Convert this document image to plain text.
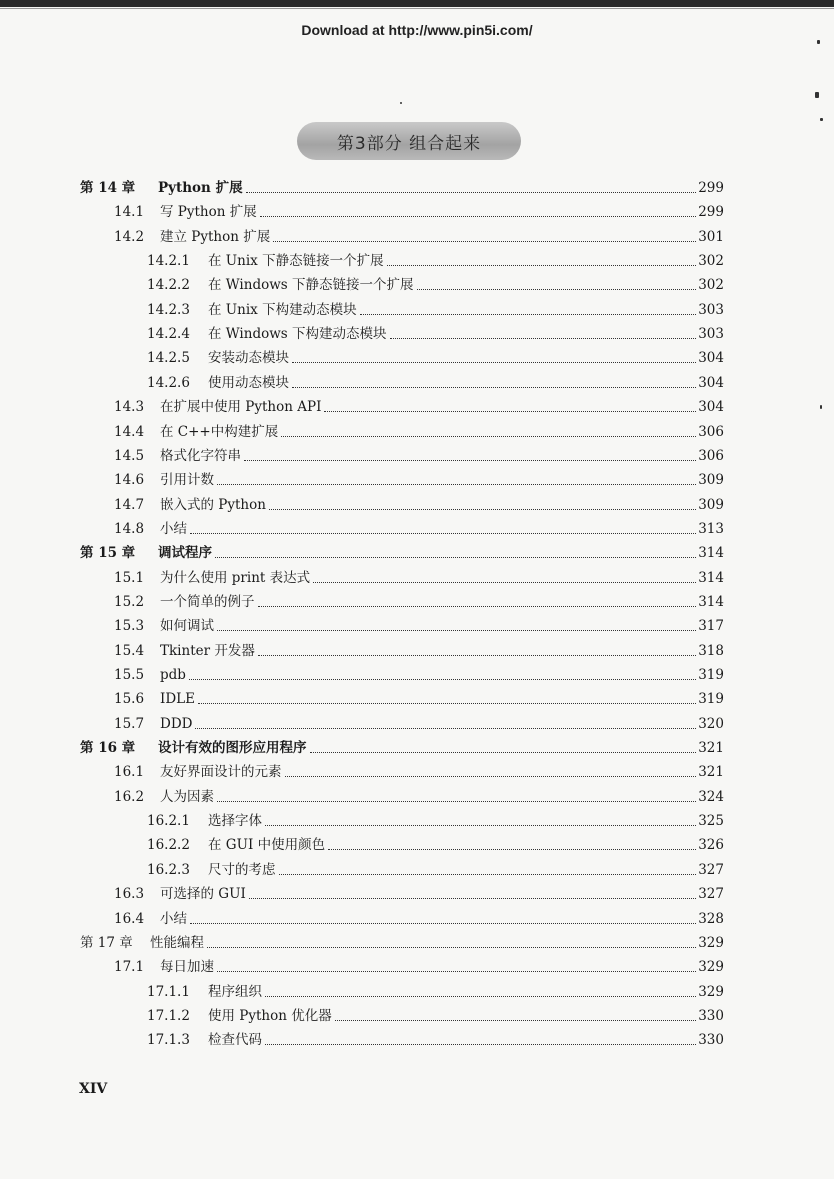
Download at http://www.pin5i.com/
第3部分 组合起来
第 14 章 Python 扩展	299
14.1 写 Python 扩展	299
14.2 建立 Python 扩展	301
14.2.1 在 Unix 下静态链接一个扩展	302
14.2.2 在 Windows 下静态链接一个扩展	302
14.2.3 在 Unix 下构建动态模块	303
14.2.4 在 Windows 下构建动态模块	303
14.2.5 安装动态模块	304
14.2.6 使用动态模块	304
14.3 在扩展中使用 Python API	304
14.4 在 C++中构建扩展	306
14.5 格式化字符串	306
14.6 引用计数	309
14.7 嵌入式的 Python	309
14.8 小结	313
第 15 章 调试程序	314
15.1 为什么使用 print 表达式	314
15.2 一个简单的例子	314
15.3 如何调试	317
15.4 Tkinter 开发器	318
15.5 pdb	319
15.6 IDLE	319
15.7 DDD	320
第 16 章 设计有效的图形应用程序	321
16.1 友好界面设计的元素	321
16.2 人为因素	324
16.2.1 选择字体	325
16.2.2 在 GUI 中使用颜色	326
16.2.3 尺寸的考虑	327
16.3 可选择的 GUI	327
16.4 小结	328
第 17 章 性能编程	329
17.1 每日加速	329
17.1.1 程序组织	329
17.1.2 使用 Python 优化器	330
17.1.3 检查代码	330
XIV
